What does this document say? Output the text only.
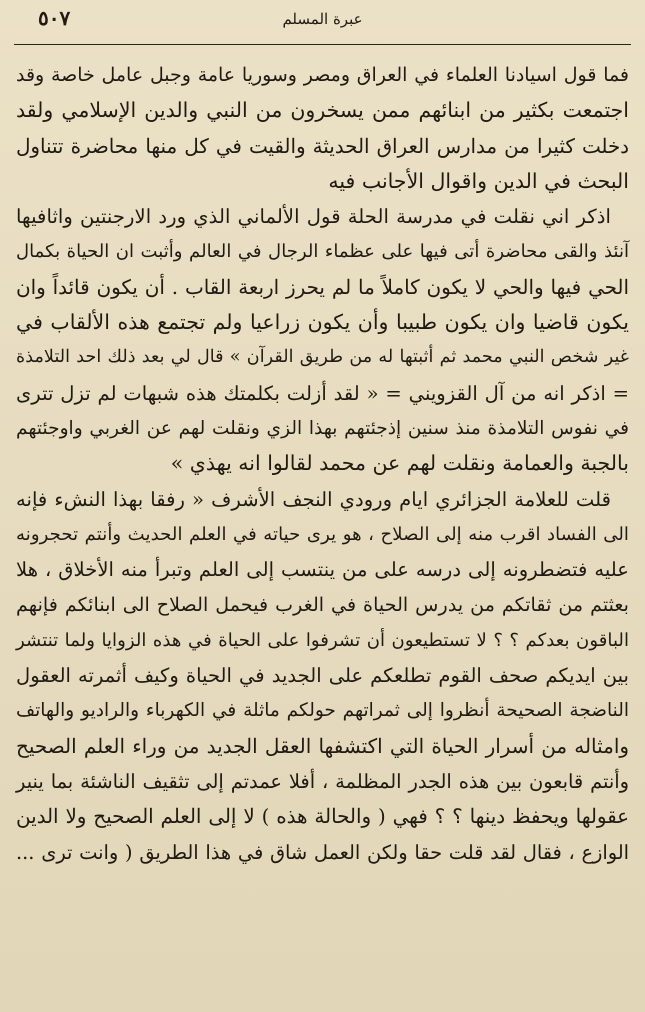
٥٠٧	عبرة المسلم
فما قول اسيادنا العلماء في العراق ومصر وسوريا عامة وجبل عامل خاصة وقد
اجتمعت بكثير من ابنائهم ممن يسخرون من النبي والدين الإسلامي ولقد
دخلت كثيرا من مدارس العراق الحديثة والقيت في كل منها محاضرة تتناول
البحث في الدين واقوال الأجانب فيه
اذكر اني نقلت في مدرسة الحلة قول الألماني الذي ورد الارجنتين واثافيها
آنئذ والقى محاضرة أتى فيها على عظماء الرجال في العالم وأثبت ان الحياة بكمال
الحي فيها والحي لا يكون كاملاً ما لم يحرز اربعة القاب . أن يكون قائداً وان
يكون قاضيا وان يكون طبيبا وأن يكون زراعيا ولم تجتمع هذه الألقاب في
غير شخص النبي محمد ثم أثبتها له من طريق القرآن » قال لي بعد ذلك احد التلامذة
= اذكر انه من آل القزويني = « لقد أزلت بكلمتك هذه شبهات لم تزل تترى
في نفوس التلامذة منذ سنين إذجئتهم بهذا الزي ونقلت لهم عن الغربي واوجئتهم
بالجبة والعمامة ونقلت لهم عن محمد لقالوا انه يهذي »
قلت للعلامة الجزائري ايام ورودي النجف الأشرف « رفقا بهذا النشء فإنه
الى الفساد اقرب منه إلى الصلاح ، هو يرى حياته في العلم الحديث وأنتم تحجرونه
عليه فتضطرونه إلى درسه على من ينتسب إلى العلم وتبرأ منه الأخلاق ، هلا
بعثتم من ثقاتكم من يدرس الحياة في الغرب فيحمل الصلاح الى ابنائكم فإنهم
الباقون بعدكم ؟ ؟ لا تستطيعون أن تشرفوا على الحياة في هذه الزوايا ولما تنتشر
بين ايديكم صحف القوم تطلعكم على الجديد في الحياة وكيف أثمرته العقول
الناضجة الصحيحة أنظروا إلى ثمراتهم حولكم ماثلة في الكهرباء والراديو والهاتف
وامثاله من أسرار الحياة التي اكتشفها العقل الجديد من وراء العلم الصحيح
وأنتم قابعون بين هذه الجدر المظلمة ، أفلا عمدتم إلى تثقيف الناشئة بما ينير
عقولها ويحفظ دينها ؟ ؟ فهي ( والحالة هذه ) لا إلى العلم الصحيح ولا الدين
الوازع ، فقال لقد قلت حقا ولكن العمل شاق في هذا الطريق ( وانت ترى ...
